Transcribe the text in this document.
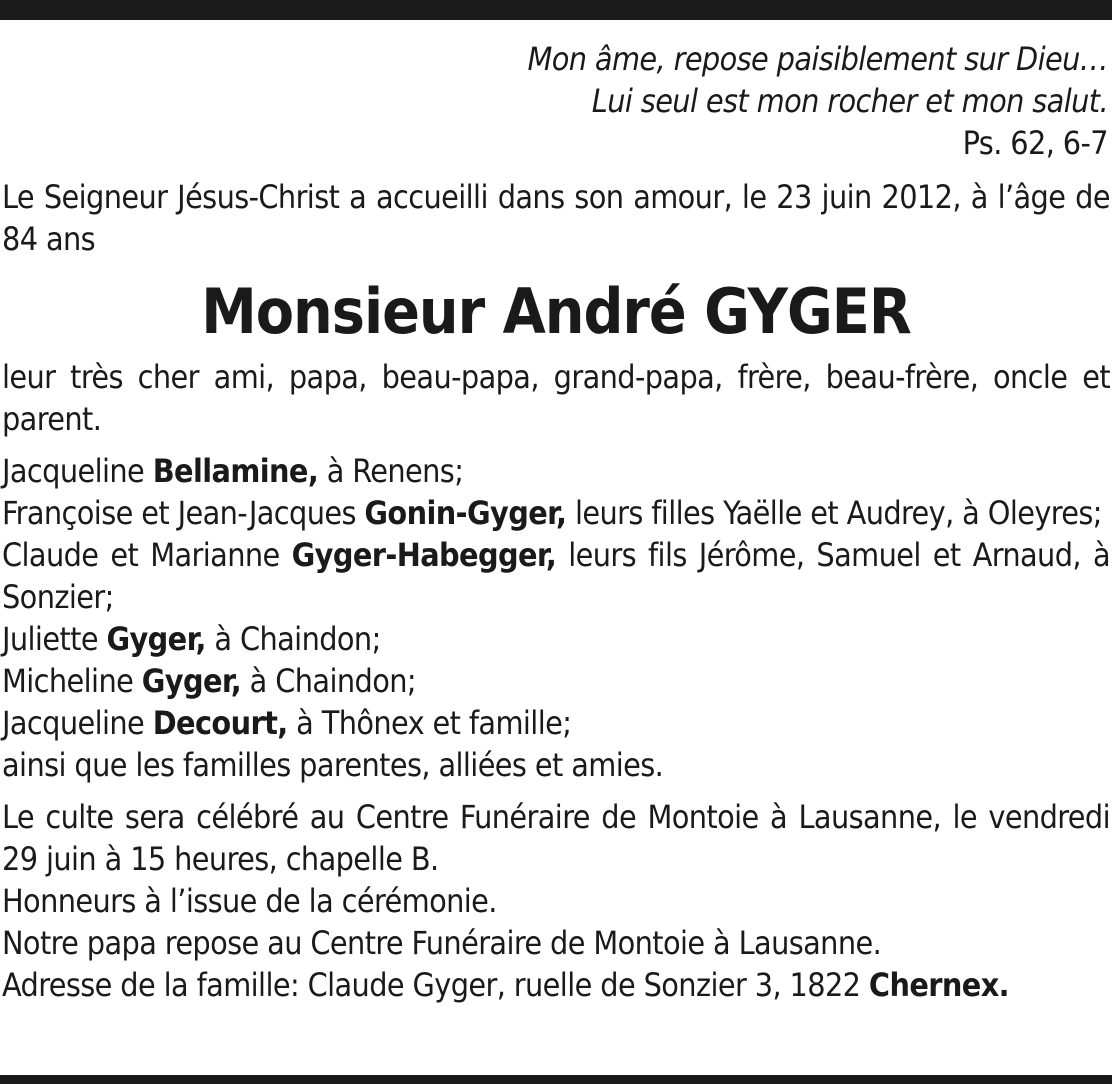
Mon âme, repose paisiblement sur Dieu…
Lui seul est mon rocher et mon salut.
Ps. 62, 6-7

Le Seigneur Jésus-Christ a accueilli dans son amour, le 23 juin 2012, à l’âge de 84 ans

Monsieur André GYGER

leur très cher ami, papa, beau-papa, grand-papa, frère, beau-frère, oncle et parent.

Jacqueline Bellamine, à Renens;
Françoise et Jean-Jacques Gonin-Gyger, leurs filles Yaëlle et Audrey, à Oleyres;
Claude et Marianne Gyger-Habegger, leurs fils Jérôme, Samuel et Arnaud, à Sonzier;
Juliette Gyger, à Chaindon;
Micheline Gyger, à Chaindon;
Jacqueline Decourt, à Thônex et famille;
ainsi que les familles parentes, alliées et amies.
Le culte sera célébré au Centre Funéraire de Montoie à Lausanne, le vendredi 29 juin à 15 heures, chapelle B.
Honneurs à l’issue de la cérémonie.
Notre papa repose au Centre Funéraire de Montoie à Lausanne.
Adresse de la famille: Claude Gyger, ruelle de Sonzier 3, 1822 Chernex.
